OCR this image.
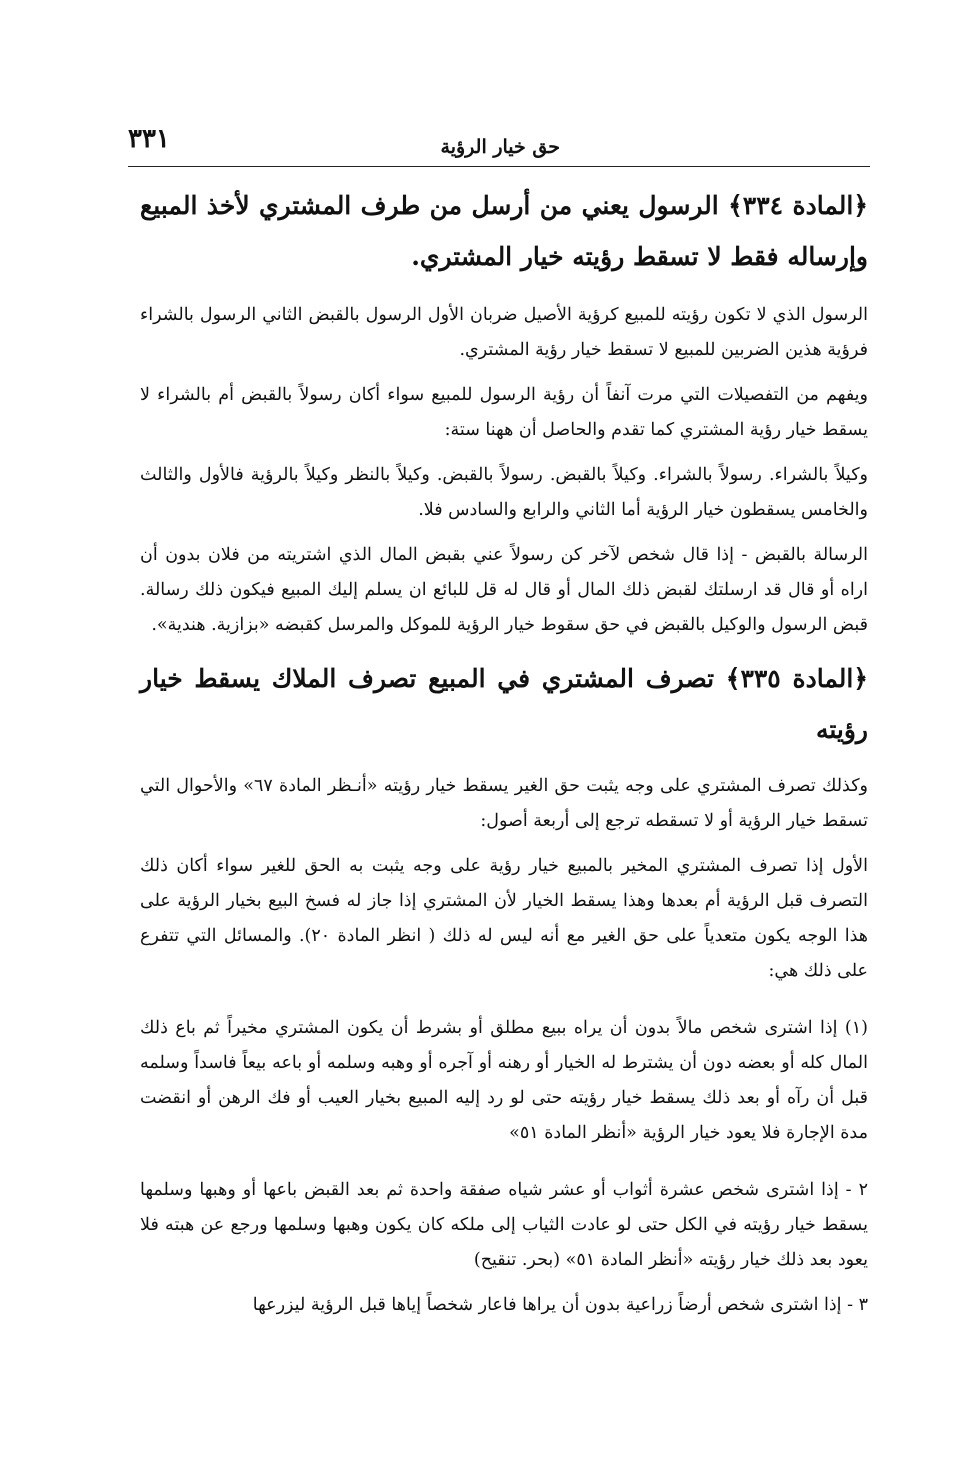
٣٣١	حق خيار الرؤية
﴿المادة ٣٣٤﴾ الرسول يعني من أرسل من طرف المشتري لأخذ المبيع وإرساله فقط لا تسقط رؤيته خيار المشتري.

الرسول الذي لا تكون رؤيته للمبيع كرؤية الأصيل ضربان الأول الرسول بالقبض الثاني الرسول بالشراء فرؤية هذين الضربين للمبيع لا تسقط خيار رؤية المشتري.

ويفهم من التفصيلات التي مرت آنفاً أن رؤية الرسول للمبيع سواء أكان رسولاً بالقبض أم بالشراء لا يسقط خيار رؤية المشتري كما تقدم والحاصل أن ههنا ستة:

وكيلاً بالشراء. رسولاً بالشراء. وكيلاً بالقبض. رسولاً بالقبض. وكيلاً بالنظر وكيلاً بالرؤية فالأول والثالث والخامس يسقطون خيار الرؤية أما الثاني والرابع والسادس فلا.

الرسالة بالقبض - إذا قال شخص لآخر كن رسولاً عني بقبض المال الذي اشتريته من فلان بدون أن اراه أو قال قد ارسلتك لقبض ذلك المال أو قال له قل للبائع ان يسلم إليك المبيع فيكون ذلك رسالة. قبض الرسول والوكيل بالقبض في حق سقوط خيار الرؤية للموكل والمرسل كقبضه «بزازية. هندية».

﴿المادة ٣٣٥﴾ تصرف المشتري في المبيع تصرف الملاك يسقط خيار رؤيته

وكذلك تصرف المشتري على وجه يثبت حق الغير يسقط خيار رؤيته «أنـظر المادة ٦٧» والأحوال التي تسقط خيار الرؤية أو لا تسقطه ترجع إلى أربعة أصول:

الأول إذا تصرف المشتري المخير بالمبيع خيار رؤية على وجه يثبت به الحق للغير سواء أكان ذلك التصرف قبل الرؤية أم بعدها وهذا يسقط الخيار لأن المشتري إذا جاز له فسخ البيع بخيار الرؤية على هذا الوجه يكون متعدياً على حق الغير مع أنه ليس له ذلك ( انظر المادة ٢٠). والمسائل التي تتفرع على ذلك هي:

(١) إذا اشترى شخص مالاً بدون أن يراه ببيع مطلق أو بشرط أن يكون المشتري مخيراً ثم باع ذلك المال كله أو بعضه دون أن يشترط له الخيار أو رهنه أو آجره أو وهبه وسلمه أو باعه بيعاً فاسداً وسلمه قبل أن رآه أو بعد ذلك يسقط خيار رؤيته حتى لو رد إليه المبيع بخيار العيب أو فك الرهن أو انقضت مدة الإجارة فلا يعود خيار الرؤية «أنظر المادة ٥١»

٢ - إذا اشترى شخص عشرة أثواب أو عشر شياه صفقة واحدة ثم بعد القبض باعها أو وهبها وسلمها يسقط خيار رؤيته في الكل حتى لو عادت الثياب إلى ملكه كان يكون وهبها وسلمها ورجع عن هبته فلا يعود بعد ذلك خيار رؤيته «أنظر المادة ٥١» (بحر. تنقيح)

٣ - إذا اشترى شخص أرضاً زراعية بدون أن يراها فاعار شخصاً إياها قبل الرؤية ليزرعها
